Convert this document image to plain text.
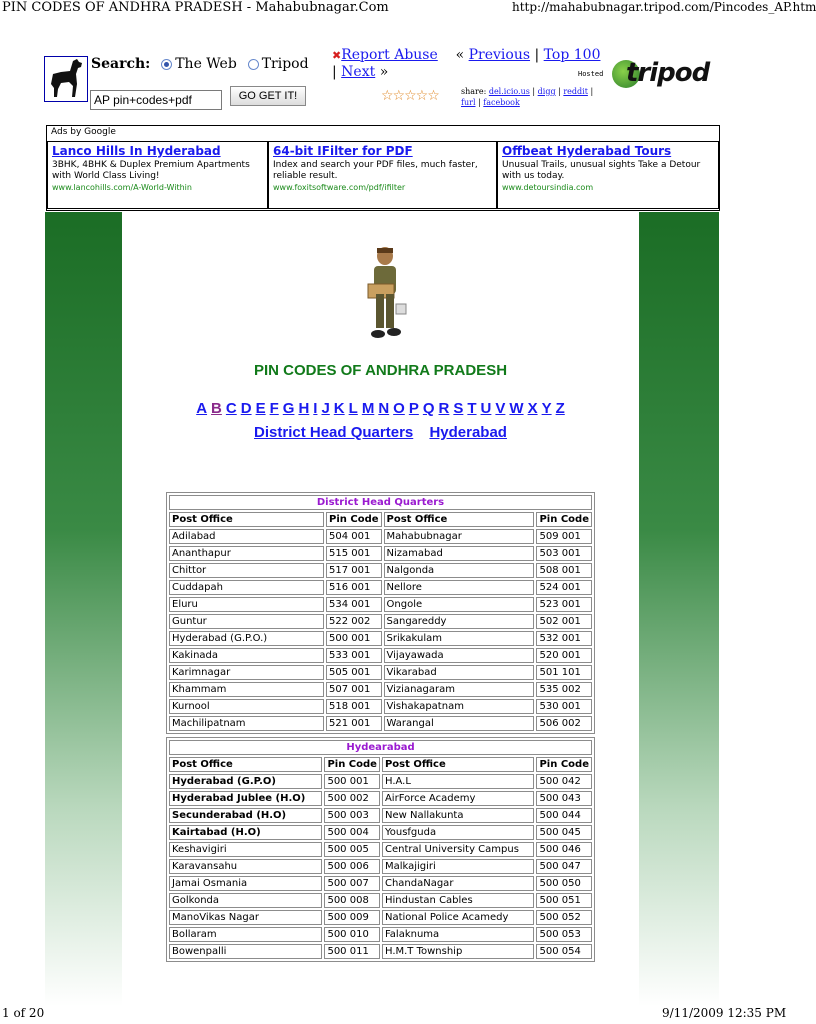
PIN CODES OF ANDHRA PRADESH - Mahabubnagar.Com	http://mahabubnagar.tripod.com/Pincodes_AP.htm
Search: The Web Tripod
AP pin+codes+pdf	GO GET IT!
✖Report Abuse « Previous | Top 100
| Next »
☆☆☆☆☆	share: del.icio.us | digg | reddit |
furl | facebook
Hosted tripod
Ads by Google
Lanco Hills In Hyderabad
3BHK, 4BHK & Duplex Premium Apartments with World Class Living!
www.lancohills.com/A-World-Within
64-bit IFilter for PDF
Index and search your PDF files, much faster, reliable result.
www.foxitsoftware.com/pdf/ifilter
Offbeat Hyderabad Tours
Unusual Trails, unusual sights Take a Detour with us today.
www.detoursindia.com
PIN CODES OF ANDHRA PRADESH
A B C D E F G H I J K L M N O P Q R S T U V W X Y Z
District Head Quarters Hyderabad
District Head Quarters			
Post Office	Pin Code	Post Office	Pin Code
Adilabad	504 001	Mahabubnagar	509 001
Ananthapur	515 001	Nizamabad	503 001
Chittor	517 001	Nalgonda	508 001
Cuddapah	516 001	Nellore	524 001
Eluru	534 001	Ongole	523 001
Guntur	522 002	Sangareddy	502 001
Hyderabad (G.P.O.)	500 001	Srikakulam	532 001
Kakinada	533 001	Vijayawada	520 001
Karimnagar	505 001	Vikarabad	501 101
Khammam	507 001	Vizianagaram	535 002
Kurnool	518 001	Vishakapatnam	530 001
Machilipatnam	521 001	Warangal	506 002
Hydearabad			
Post Office	Pin Code	Post Office	Pin Code
Hyderabad (G.P.O)	500 001	H.A.L	500 042
Hyderabad Jublee (H.O)	500 002	AirForce Academy	500 043
Secunderabad (H.O)	500 003	New Nallakunta	500 044
Kairtabad (H.O)	500 004	Yousfguda	500 045
Keshavigiri	500 005	Central University Campus	500 046
Karavansahu	500 006	Malkajigiri	500 047
Jamai Osmania	500 007	ChandaNagar	500 050
Golkonda	500 008	Hindustan Cables	500 051
ManoVikas Nagar	500 009	National Police Acamedy	500 052
Bollaram	500 010	Falaknuma	500 053
Bowenpalli	500 011	H.M.T Township	500 054
1 of 20	9/11/2009 12:35 PM
